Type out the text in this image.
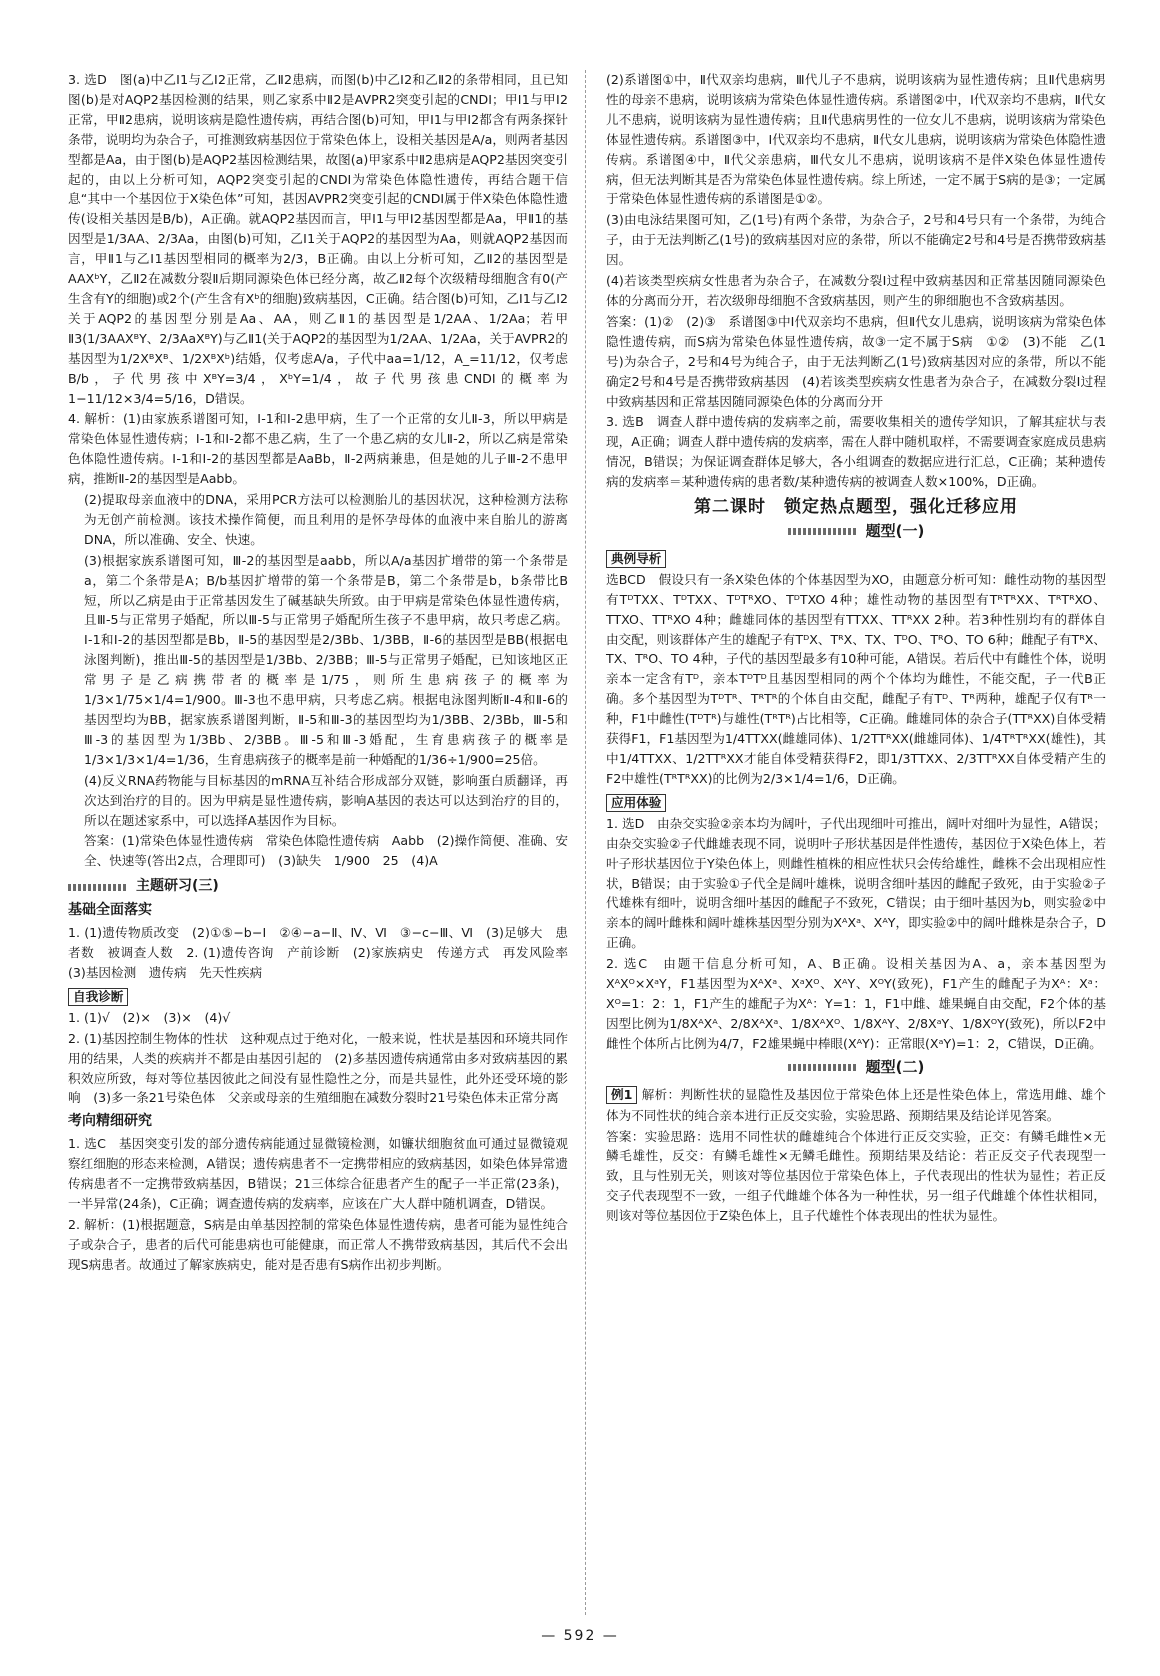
3. 选D　图(a)中乙Ⅰ1与乙Ⅰ2正常，乙Ⅱ2患病，而图(b)中乙Ⅰ2和乙Ⅱ2的条带相同，且已知图(b)是对AQP2基因检测的结果，则乙家系中Ⅱ2是AVPR2突变引起的CNDI；甲Ⅰ1与甲Ⅰ2正常，甲Ⅱ2患病，说明该病是隐性遗传病，再结合图(b)可知，甲Ⅰ1与甲Ⅰ2都含有两条探针条带，说明均为杂合子，可推测致病基因位于常染色体上，设相关基因是A/a，则两者基因型都是Aa，由于图(b)是AQP2基因检测结果，故图(a)甲家系中Ⅱ2患病是AQP2基因突变引起的，由以上分析可知，AQP2突变引起的CNDI为常染色体隐性遗传，再结合题干信息“其中一个基因位于X染色体”可知，甚因AVPR2突变引起的CNDI属于伴X染色体隐性遗传(设相关基因是B/b)，A正确。就AQP2基因而言，甲Ⅰ1与甲Ⅰ2基因型都是Aa，甲Ⅱ1的基因型是1/3AA、2/3Aa，由图(b)可知，乙Ⅰ1关于AQP2的基因型为Aa，则就AQP2基因而言，甲Ⅱ1与乙Ⅰ1基因型相同的概率为2/3，B正确。由以上分析可知，乙Ⅱ2的基因型是AAXᵇY，乙Ⅱ2在减数分裂Ⅱ后期同源染色体已经分离，故乙Ⅱ2每个次级精母细胞含有0(产生含有Y的细胞)或2个(产生含有Xᵇ的细胞)致病基因，C正确。结合图(b)可知，乙Ⅰ1与乙Ⅰ2关于AQP2的基因型分别是Aa、AA，则乙Ⅱ1的基因型是1/2AA、1/2Aa；若甲Ⅱ3(1/3AAXᴮY、2/3AaXᴮY)与乙Ⅱ1(关于AQP2的基因型为1/2AA、1/2Aa，关于AVPR2的基因型为1/2XᴮXᴮ、1/2XᴮXᵇ)结婚，仅考虑A/a，子代中aa=1/12，A_=11/12，仅考虑B/b，子代男孩中XᴮY=3/4，XᵇY=1/4，故子代男孩患CNDI的概率为1−11/12×3/4=5/16，D错误。

4. 解析：(1)由家族系谱图可知，Ⅰ-1和Ⅰ-2患甲病，生了一个正常的女儿Ⅱ-3，所以甲病是常染色体显性遗传病；Ⅰ-1和Ⅰ-2都不患乙病，生了一个患乙病的女儿Ⅱ-2，所以乙病是常染色体隐性遗传病。Ⅰ-1和Ⅰ-2的基因型都是AaBb，Ⅱ-2两病兼患，但是她的儿子Ⅲ-2不患甲病，推断Ⅱ-2的基因型是Aabb。

(2)提取母亲血液中的DNA，采用PCR方法可以检测胎儿的基因状况，这种检测方法称为无创产前检测。该技术操作简便，而且利用的是怀孕母体的血液中来自胎儿的游离DNA，所以准确、安全、快速。

(3)根据家族系谱图可知，Ⅲ-2的基因型是aabb，所以A/a基因扩增带的第一个条带是a，第二个条带是A；B/b基因扩增带的第一个条带是B，第二个条带是b，b条带比B短，所以乙病是由于正常基因发生了碱基缺失所致。由于甲病是常染色体显性遗传病，且Ⅲ-5与正常男子婚配，所以Ⅲ-5与正常男子婚配所生孩子不患甲病，故只考虑乙病。Ⅰ-1和Ⅰ-2的基因型都是Bb，Ⅱ-5的基因型是2/3Bb、1/3BB，Ⅱ-6的基因型是BB(根据电泳图判断)，推出Ⅲ-5的基因型是1/3Bb、2/3BB；Ⅲ-5与正常男子婚配，已知该地区正常男子是乙病携带者的概率是1/75，则所生患病孩子的概率为1/3×1/75×1/4=1/900。Ⅲ-3也不患甲病，只考虑乙病。根据电泳图判断Ⅱ-4和Ⅱ-6的基因型均为BB，据家族系谱图判断，Ⅱ-5和Ⅲ-3的基因型均为1/3BB、2/3Bb，Ⅲ-5和Ⅲ-3的基因型为1/3Bb、2/3BB。Ⅲ-5和Ⅲ-3婚配，生育患病孩子的概率是1/3×1/3×1/4=1/36，生育患病孩子的概率是前一种婚配的1/36÷1/900=25倍。

(4)反义RNA药物能与目标基因的mRNA互补结合形成部分双链，影响蛋白质翻译，再次达到治疗的目的。因为甲病是显性遗传病，影响A基因的表达可以达到治疗的目的，所以在题述家系中，可以选择A基因作为目标。

答案：(1)常染色体显性遗传病　常染色体隐性遗传病　Aabb　(2)操作简便、准确、安全、快速等(答出2点，合理即可)　(3)缺失　1/900　25　(4)A

主题研习(三)
基础全面落实

1. (1)遗传物质改变　(2)①⑤−b−Ⅰ　②④−a−Ⅱ、Ⅳ、Ⅵ　③−c−Ⅲ、Ⅵ　(3)足够大　患者数　被调查人数　2. (1)遗传咨询　产前诊断　(2)家族病史　传递方式　再发风险率　(3)基因检测　遗传病　先天性疾病

自我诊断

1. (1)√　(2)×　(3)×　(4)√

2. (1)基因控制生物体的性状　这种观点过于绝对化，一般来说，性状是基因和环境共同作用的结果，人类的疾病并不都是由基因引起的　(2)多基因遗传病通常由多对致病基因的累积效应所致，每对等位基因彼此之间没有显性隐性之分，而是共显性，此外还受环境的影响　(3)多一条21号染色体　父亲或母亲的生殖细胞在减数分裂时21号染色体未正常分离

考向精细研究

1. 选C　基因突变引发的部分遗传病能通过显微镜检测，如镰状细胞贫血可通过显微镜观察红细胞的形态来检测，A错误；遗传病患者不一定携带相应的致病基因，如染色体异常遗传病患者不一定携带致病基因，B错误；21三体综合征患者产生的配子一半正常(23条)，一半异常(24条)，C正确；调查遗传病的发病率，应该在广大人群中随机调查，D错误。

2. 解析：(1)根据题意，S病是由单基因控制的常染色体显性遗传病，患者可能为显性纯合子或杂合子，患者的后代可能患病也可能健康，而正常人不携带致病基因，其后代不会出现S病患者。故通过了解家族病史，能对是否患有S病作出初步判断。

(2)系谱图①中，Ⅱ代双亲均患病，Ⅲ代儿子不患病，说明该病为显性遗传病；且Ⅱ代患病男性的母亲不患病，说明该病为常染色体显性遗传病。系谱图②中，Ⅰ代双亲均不患病，Ⅱ代女儿不患病，说明该病为显性遗传病；且Ⅱ代患病男性的一位女儿不患病，说明该病为常染色体显性遗传病。系谱图③中，Ⅰ代双亲均不患病，Ⅱ代女儿患病，说明该病为常染色体隐性遗传病。系谱图④中，Ⅱ代父亲患病，Ⅲ代女儿不患病，说明该病不是伴X染色体显性遗传病，但无法判断其是否为常染色体显性遗传病。综上所述，一定不属于S病的是③；一定属于常染色体显性遗传病的系谱图是①②。

(3)由电泳结果图可知，乙(1号)有两个条带，为杂合子，2号和4号只有一个条带，为纯合子，由于无法判断乙(1号)的致病基因对应的条带，所以不能确定2号和4号是否携带致病基因。

(4)若该类型疾病女性患者为杂合子，在减数分裂Ⅰ过程中致病基因和正常基因随同源染色体的分离而分开，若次级卵母细胞不含致病基因，则产生的卵细胞也不含致病基因。

答案：(1)②　(2)③　系谱图③中Ⅰ代双亲均不患病，但Ⅱ代女儿患病，说明该病为常染色体隐性遗传病，而S病为常染色体显性遗传病，故③一定不属于S病　①②　(3)不能　乙(1号)为杂合子，2号和4号为纯合子，由于无法判断乙(1号)致病基因对应的条带，所以不能确定2号和4号是否携带致病基因　(4)若该类型疾病女性患者为杂合子，在减数分裂Ⅰ过程中致病基因和正常基因随同源染色体的分离而分开

3. 选B　调查人群中遗传病的发病率之前，需要收集相关的遗传学知识，了解其症状与表现，A正确；调查人群中遗传病的发病率，需在人群中随机取样，不需要调查家庭成员患病情况，B错误；为保证调查群体足够大，各小组调查的数据应进行汇总，C正确；某种遗传病的发病率＝某种遗传病的患者数/某种遗传病的被调查人数×100%，D正确。

第二课时　锁定热点题型，强化迁移应用
题型(一)
典例导析

选BCD　假设只有一条X染色体的个体基因型为XO，由题意分析可知：雌性动物的基因型有TᴰTXX、TᴰTXX、TᴰTᴿXO、TᴰTXO 4种；雄性动物的基因型有TᴿTᴿXX、TᴿTᴿXO、TTXO、TTᴿXO 4种；雌雄同体的基因型有TTXX、TTᴿXX 2种。若3种性别均有的群体自由交配，则该群体产生的雄配子有TᴰX、TᴿX、TX、TᴰO、TᴿO、TO 6种；雌配子有TᴿX、TX、TᴿO、TO 4种，子代的基因型最多有10种可能，A错误。若后代中有雌性个体，说明亲本一定含有Tᴰ，亲本TᴰTᴰ且基因型相同的两个个体均为雌性，不能交配，子一代B正确。多个基因型为TᴰTᴿ、TᴿTᴿ的个体自由交配，雌配子有Tᴰ、Tᴿ两种，雄配子仅有Tᴿ一种，F1中雌性(TᴰTᴿ)与雄性(TᴿTᴿ)占比相等，C正确。雌雄同体的杂合子(TTᴿXX)自体受精获得F1，F1基因型为1/4TTXX(雌雄同体)、1/2TTᴿXX(雌雄同体)、1/4TᴿTᴿXX(雄性)，其中1/4TTXX、1/2TTᴿXX才能自体受精获得F2，即1/3TTXX、2/3TTᴿXX自体受精产生的F2中雄性(TᴿTᴿXX)的比例为2/3×1/4=1/6，D正确。

应用体验

1. 选D　由杂交实验②亲本均为阔叶，子代出现细叶可推出，阔叶对细叶为显性，A错误；由杂交实验②子代雌雄表现不同，说明叶子形状基因是伴性遗传，基因位于X染色体上，若叶子形状基因位于Y染色体上，则雌性植株的相应性状只会传给雄性，雌株不会出现相应性状，B错误；由于实验①子代全是阔叶雄株，说明含细叶基因的雌配子致死，由于实验②子代雄株有细叶，说明含细叶基因的雌配子不致死，C错误；由于细叶基因为b，则实验②中亲本的阔叶雌株和阔叶雄株基因型分别为XᴬXᵃ、XᴬY，即实验②中的阔叶雌株是杂合子，D正确。

2. 选C　由题干信息分析可知，A、B正确。设相关基因为A、a，亲本基因型为XᴬXᴼ×XᵃY，F1基因型为XᴬXᵃ、XᵃXᴼ、XᴬY、XᴼY(致死)，F1产生的雌配子为Xᴬ：Xᵃ：Xᴼ=1：2：1，F1产生的雄配子为Xᴬ：Y=1：1，F1中雌、雄果蝇自由交配，F2个体的基因型比例为1/8XᴬXᴬ、2/8XᴬXᵃ、1/8XᴬXᴼ、1/8XᴬY、2/8XᵃY、1/8XᴼY(致死)，所以F2中雌性个体所占比例为4/7，F2雄果蝇中棒眼(XᴬY)：正常眼(XᵃY)=1：2，C错误，D正确。

题型(二)

例1 解析：判断性状的显隐性及基因位于常染色体上还是性染色体上，常选用雌、雄个体为不同性状的纯合亲本进行正反交实验，实验思路、预期结果及结论详见答案。

答案：实验思路：选用不同性状的雌雄纯合个体进行正反交实验，正交：有鳞毛雌性×无鳞毛雄性，反交：有鳞毛雄性×无鳞毛雌性。预期结果及结论：若正反交子代表现型一致，且与性别无关，则该对等位基因位于常染色体上，子代表现出的性状为显性；若正反交子代表现型不一致，一组子代雌雄个体各为一种性状，另一组子代雌雄个体性状相同，则该对等位基因位于Z染色体上，且子代雄性个体表现出的性状为显性。

— 592 —
